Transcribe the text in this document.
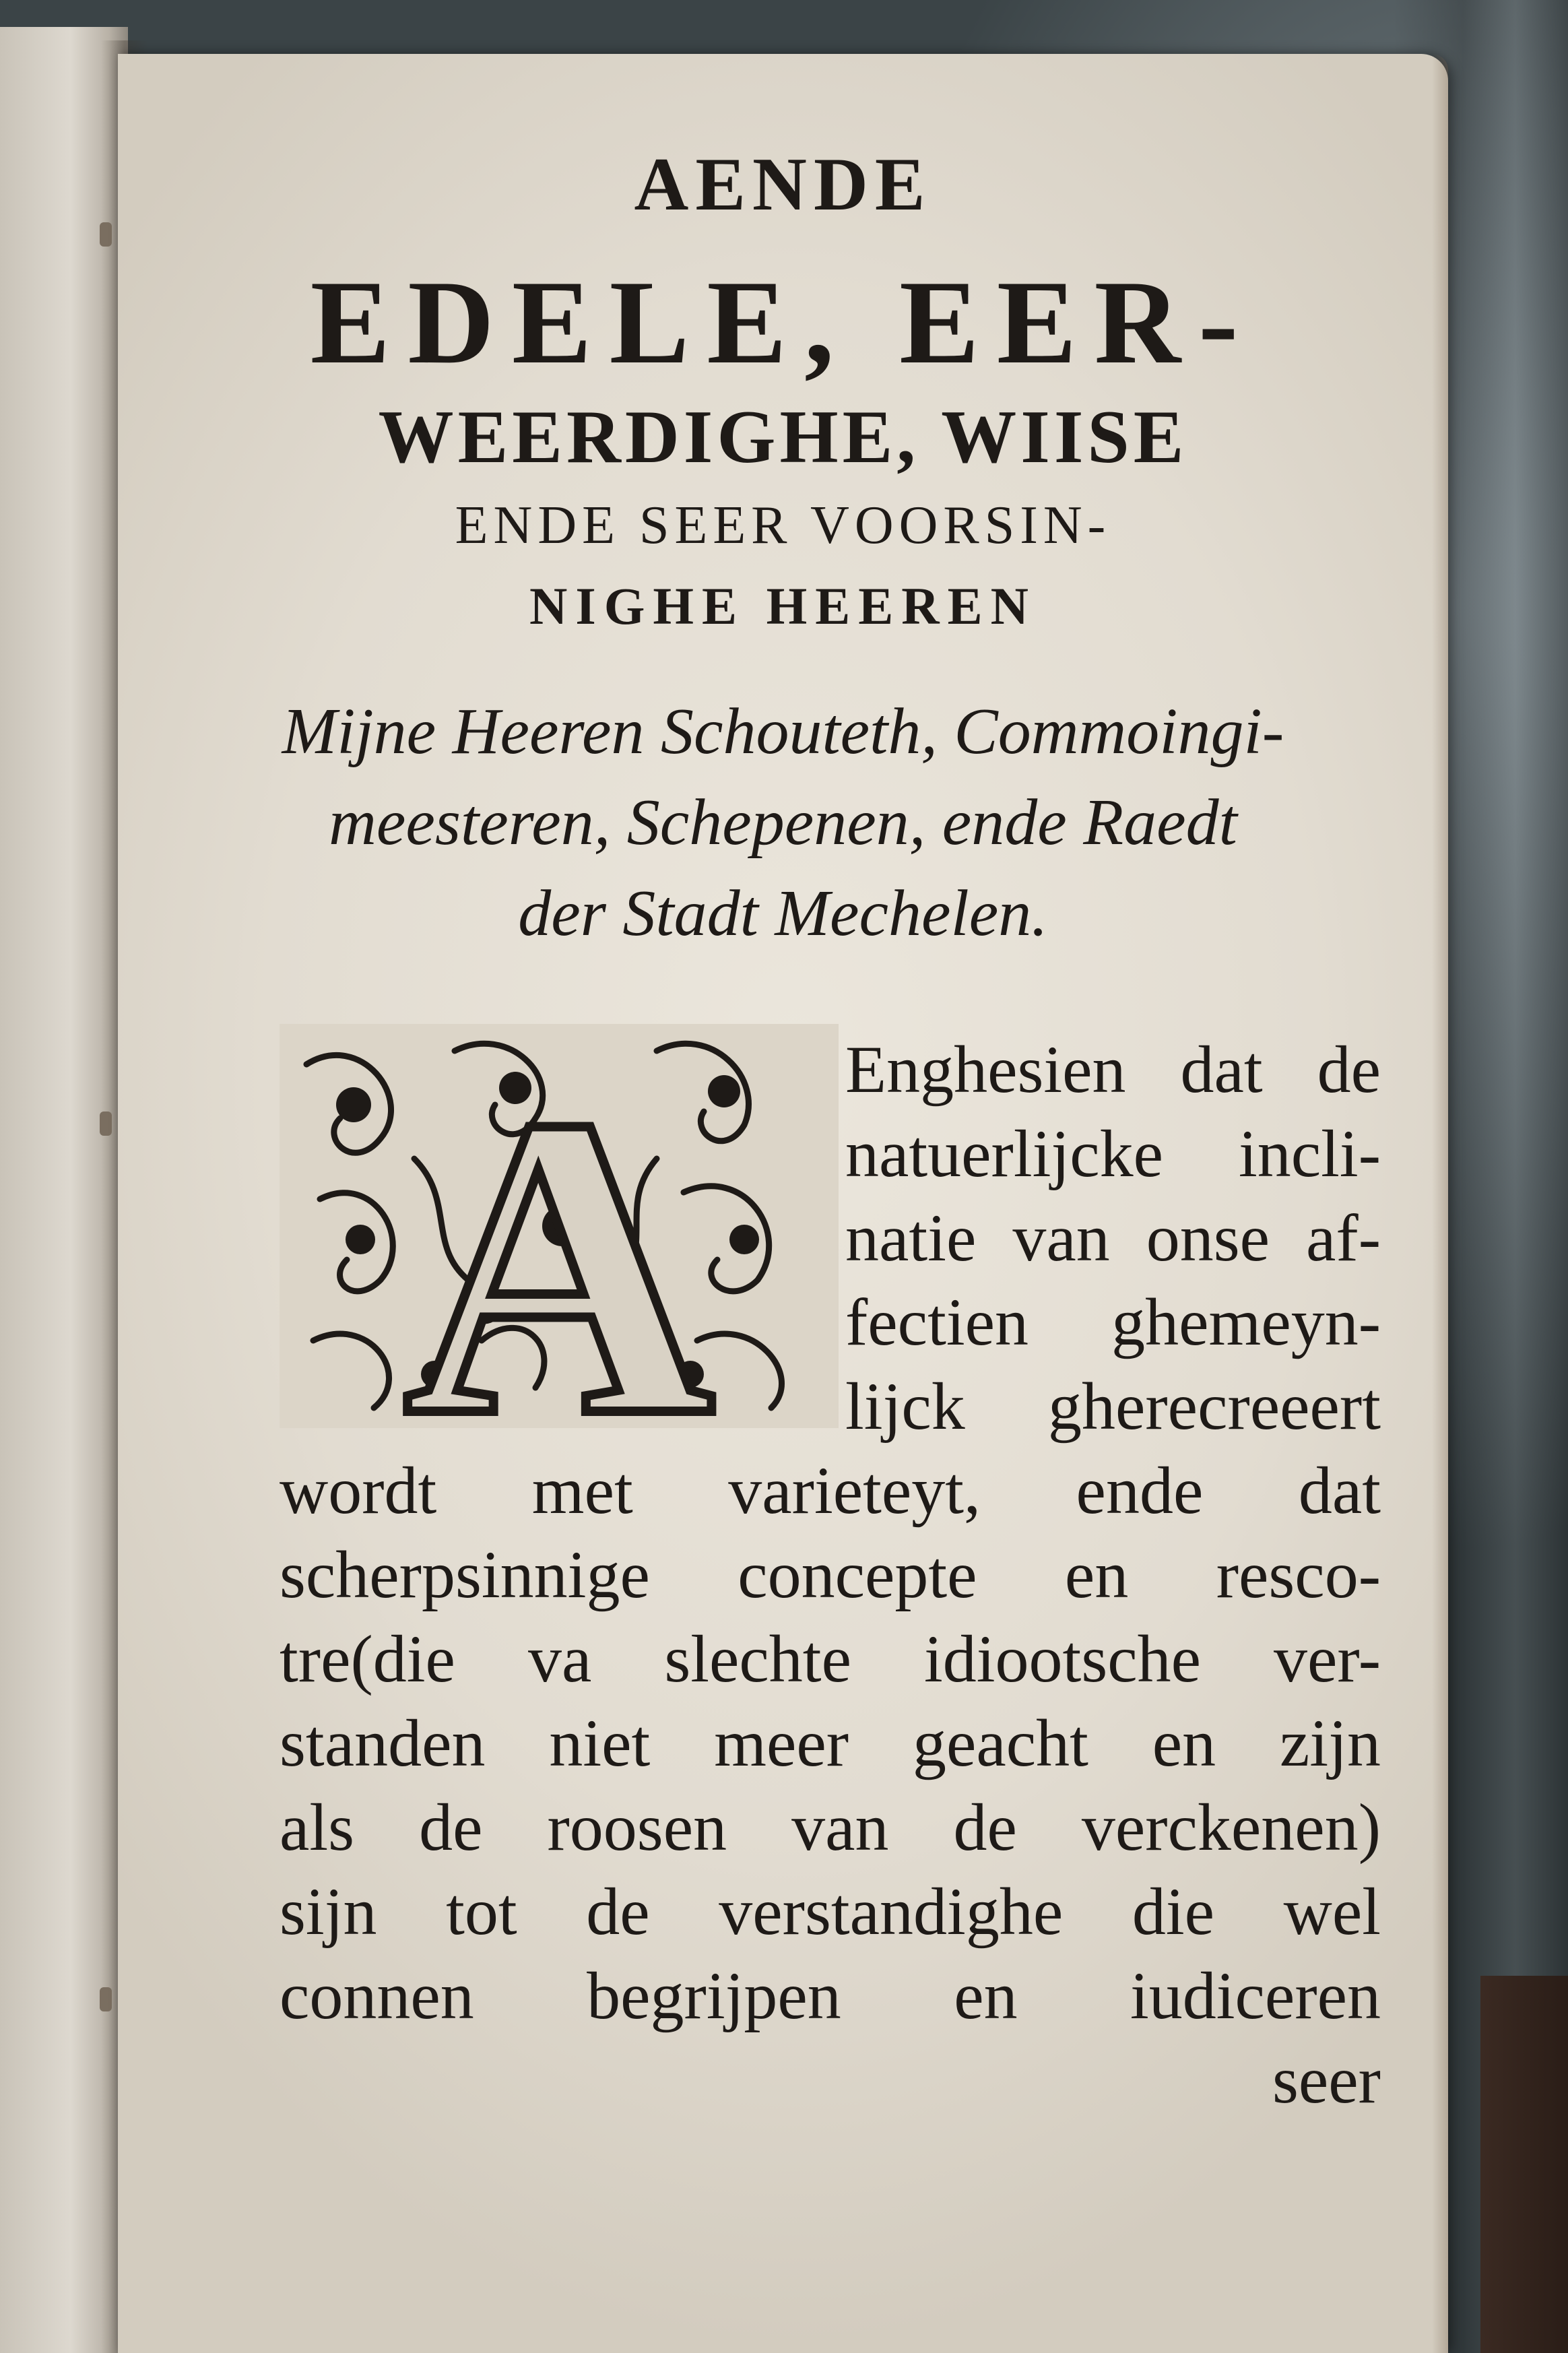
AENDE
EDELE, EER-
WEERDIGHE, WIISE
ENDE SEER VOORSIN-
NIGHE HEEREN
Mijne Heeren Schouteth, Commoingi-
meesteren, Schepenen, ende Raedt
der Stadt Mechelen.
A Enghesien dat de
natuerlijcke incli-
natie van onse af-
fectien ghemeyn-
lijck gherecreeert
wordt met varieteyt, ende dat
scherpsinnige concepte en resco-
tre(die va slechte idiootsche ver-
standen niet meer geacht en zijn
als de roosen van de verckenen)
sijn tot de verstandighe die wel
connen begrijpen en iudiceren
seer
